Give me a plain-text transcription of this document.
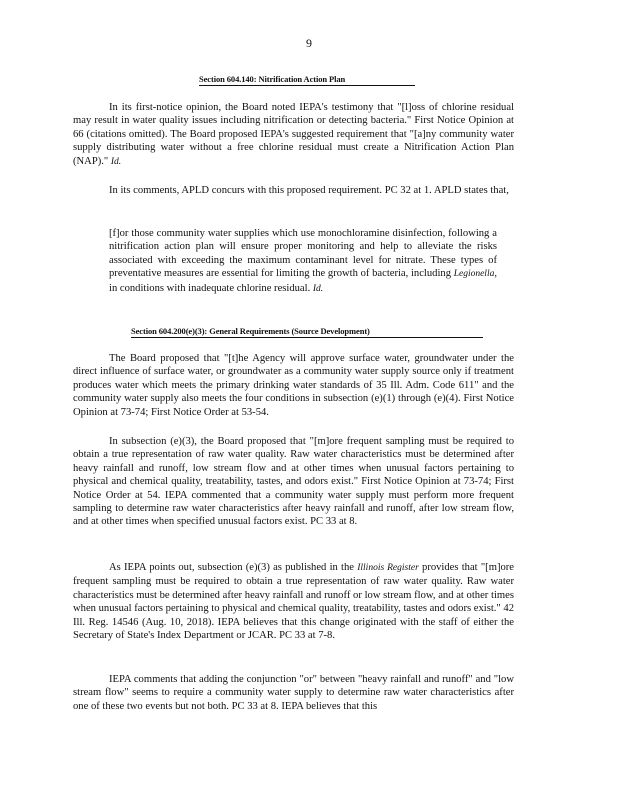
9
Section 604.140: Nitrification Action Plan

In its first-notice opinion, the Board noted IEPA's testimony that "[l]oss of chlorine residual may result in water quality issues including nitrification or detecting bacteria." First Notice Opinion at 66 (citations omitted). The Board proposed IEPA's suggested requirement that "[a]ny community water supply distributing water without a free chlorine residual must create a Nitrification Action Plan (NAP)." Id.

In its comments, APLD concurs with this proposed requirement. PC 32 at 1. APLD states that,

[f]or those community water supplies which use monochloramine disinfection, following a nitrification action plan will ensure proper monitoring and help to alleviate the risks associated with exceeding the maximum contaminant level for nitrate. These types of preventative measures are essential for limiting the growth of bacteria, including Legionella, in conditions with inadequate chlorine residual. Id.

Section 604.200(e)(3): General Requirements (Source Development)

The Board proposed that "[t]he Agency will approve surface water, groundwater under the direct influence of surface water, or groundwater as a community water supply source only if treatment produces water which meets the primary drinking water standards of 35 Ill. Adm. Code 611" and the community water supply also meets the four conditions in subsection (e)(1) through (e)(4). First Notice Opinion at 73-74; First Notice Order at 53-54.

In subsection (e)(3), the Board proposed that "[m]ore frequent sampling must be required to obtain a true representation of raw water quality. Raw water characteristics must be determined after heavy rainfall and runoff, low stream flow and at other times when unusual factors pertaining to physical and chemical quality, treatability, tastes, and odors exist." First Notice Opinion at 73-74; First Notice Order at 54. IEPA commented that a community water supply must perform more frequent sampling to determine raw water characteristics after heavy rainfall and runoff, after low stream flow, and at other times when specified unusual factors exist. PC 33 at 8.

As IEPA points out, subsection (e)(3) as published in the Illinois Register provides that "[m]ore frequent sampling must be required to obtain a true representation of raw water quality. Raw water characteristics must be determined after heavy rainfall and runoff or low stream flow, and at other times when unusual factors pertaining to physical and chemical quality, treatability, tastes and odors exist." 42 Ill. Reg. 14546 (Aug. 10, 2018). IEPA believes that this change originated with the staff of either the Secretary of State's Index Department or JCAR. PC 33 at 7-8.

IEPA comments that adding the conjunction "or" between "heavy rainfall and runoff" and "low stream flow" seems to require a community water supply to determine raw water characteristics after one of these two events but not both. PC 33 at 8. IEPA believes that this
